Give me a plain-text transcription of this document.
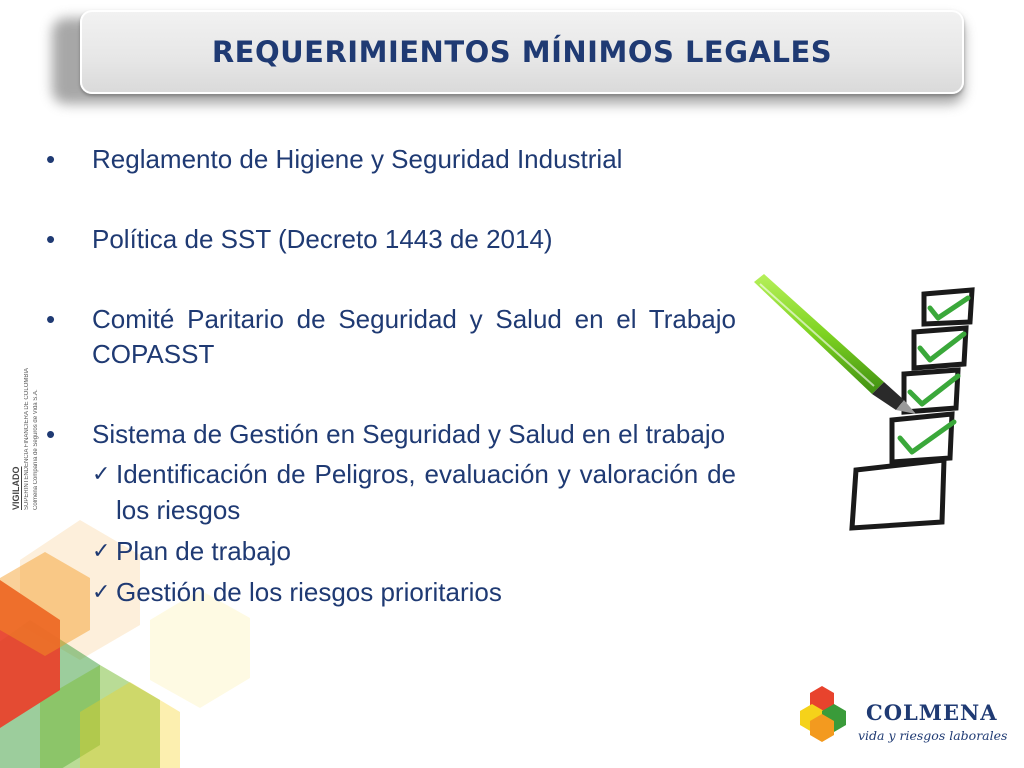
REQUERIMIENTOS MÍNIMOS LEGALES
VIGILADO SUPERINTENDENCIA FINANCIERA DE COLOMBIA Colmena Compañía de Seguros de Vida S.A.
•	Reglamento de Higiene y Seguridad Industrial
•	Política de SST (Decreto 1443 de 2014)
•	Comité Paritario de Seguridad y Salud en el Trabajo COPASST
•	Sistema de Gestión en Seguridad y Salud en el trabajo
✓ Identificación de Peligros, evaluación y valoración de los riesgos
✓ Plan de trabajo
✓ Gestión de los riesgos prioritarios
COLMENA
vida y riesgos laborales
